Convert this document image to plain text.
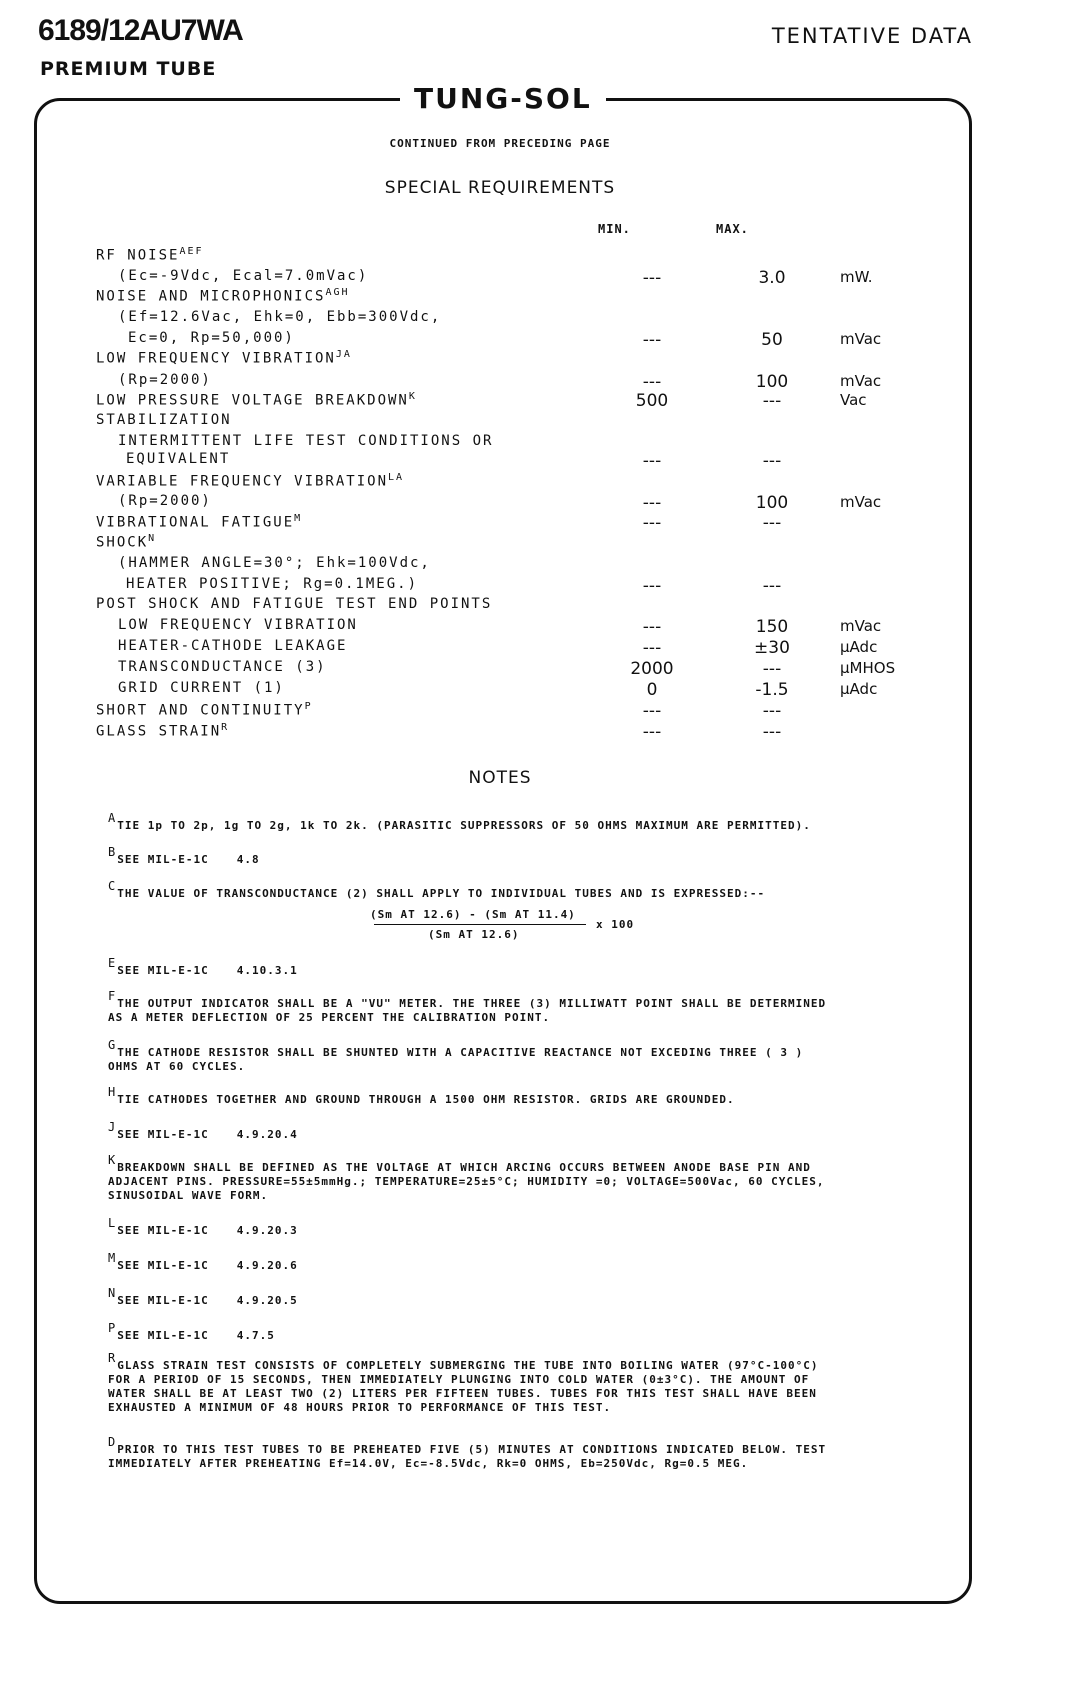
6189/12AU7WA
PREMIUM TUBE
TENTATIVE DATA
TUNG-SOL
CONTINUED FROM PRECEDING PAGE
SPECIAL REQUIREMENTS
MIN.	MAX.
RF $NOISE^{AEF}$
(Ec=-9Vdc, Ecal=7.0mVac)	---	3.0	mW.
NOISE AND $MICROPHONICS^{AGH}$
(Ef=12.6Vac, Ehk=0, Ebb=300Vdc,
Ec=0, Rp=50,000)	---	50	mVac
LOW FREQUENCY $VIBRATION^{JA}$
(Rp=2000)	---	100	mVac
LOW PRESSURE VOLTAGE $BREAKDOWN^K$	500	---	Vac
STABILIZATION
INTERMITTENT LIFE TEST CONDITIONS OR
EQUIVALENT	---	---
VARIABLE FREQUENCY $VIBRATION^{LA}$
(Rp=2000)	---	100	mVac
VIBRATIONAL $FATIGUE^M$	---	---
$SHOCK^N$
(HAMMER ANGLE=30°; Ehk=100Vdc,
HEATER POSITIVE; Rg=0.1MEG.)	---	---
POST SHOCK AND FATIGUE TEST END POINTS
LOW FREQUENCY VIBRATION	---	150	mVac
HEATER-CATHODE LEAKAGE	---	±30	μAdc
TRANSCONDUCTANCE (3)	2000	---	μMHOS
GRID CURRENT (1)	0	-1.5	μAdc
SHORT AND $CONTINUITY^P$	---	---
GLASS $STRAIN^R$	---	---
NOTES
ATIE 1p TO 2p, 1g TO 2g, 1k TO 2k. (PARASITIC SUPPRESSORS OF 50 OHMS MAXIMUM ARE PERMITTED).
BSEE MIL-E-1C	4.8
CTHE VALUE OF TRANSCONDUCTANCE (2) SHALL APPLY TO INDIVIDUAL TUBES AND IS EXPRESSED:--
(Sm AT 12.6) - (Sm AT 11.4)
(Sm AT 12.6)
x 100
ESEE MIL-E-1C	4.10.3.1
FTHE OUTPUT INDICATOR SHALL BE A "VU" METER. THE THREE (3) MILLIWATT POINT SHALL BE DETERMINED
AS A METER DEFLECTION OF 25 PERCENT THE CALIBRATION POINT.
GTHE CATHODE RESISTOR SHALL BE SHUNTED WITH A CAPACITIVE REACTANCE NOT EXCEDING THREE ( 3 )
OHMS AT 60 CYCLES.
HTIE CATHODES TOGETHER AND GROUND THROUGH A 1500 OHM RESISTOR. GRIDS ARE GROUNDED.
JSEE MIL-E-1C	4.9.20.4
KBREAKDOWN SHALL BE DEFINED AS THE VOLTAGE AT WHICH ARCING OCCURS BETWEEN ANODE BASE PIN AND
ADJACENT PINS. PRESSURE=55±5mmHg.; TEMPERATURE=25±5°C; HUMIDITY =0; VOLTAGE=500Vac, 60 CYCLES,
SINUSOIDAL WAVE FORM.
LSEE MIL-E-1C	4.9.20.3
MSEE MIL-E-1C	4.9.20.6
NSEE MIL-E-1C	4.9.20.5
PSEE MIL-E-1C	4.7.5
RGLASS STRAIN TEST CONSISTS OF COMPLETELY SUBMERGING THE TUBE INTO BOILING WATER (97°C-100°C)
FOR A PERIOD OF 15 SECONDS, THEN IMMEDIATELY PLUNGING INTO COLD WATER (0±3°C). THE AMOUNT OF
WATER SHALL BE AT LEAST TWO (2) LITERS PER FIFTEEN TUBES. TUBES FOR THIS TEST SHALL HAVE BEEN
EXHAUSTED A MINIMUM OF 48 HOURS PRIOR TO PERFORMANCE OF THIS TEST.
DPRIOR TO THIS TEST TUBES TO BE PREHEATED FIVE (5) MINUTES AT CONDITIONS INDICATED BELOW. TEST
IMMEDIATELY AFTER PREHEATING Ef=14.0V, Ec=-8.5Vdc, Rk=0 OHMS, Eb=250Vdc, Rg=0.5 MEG.
